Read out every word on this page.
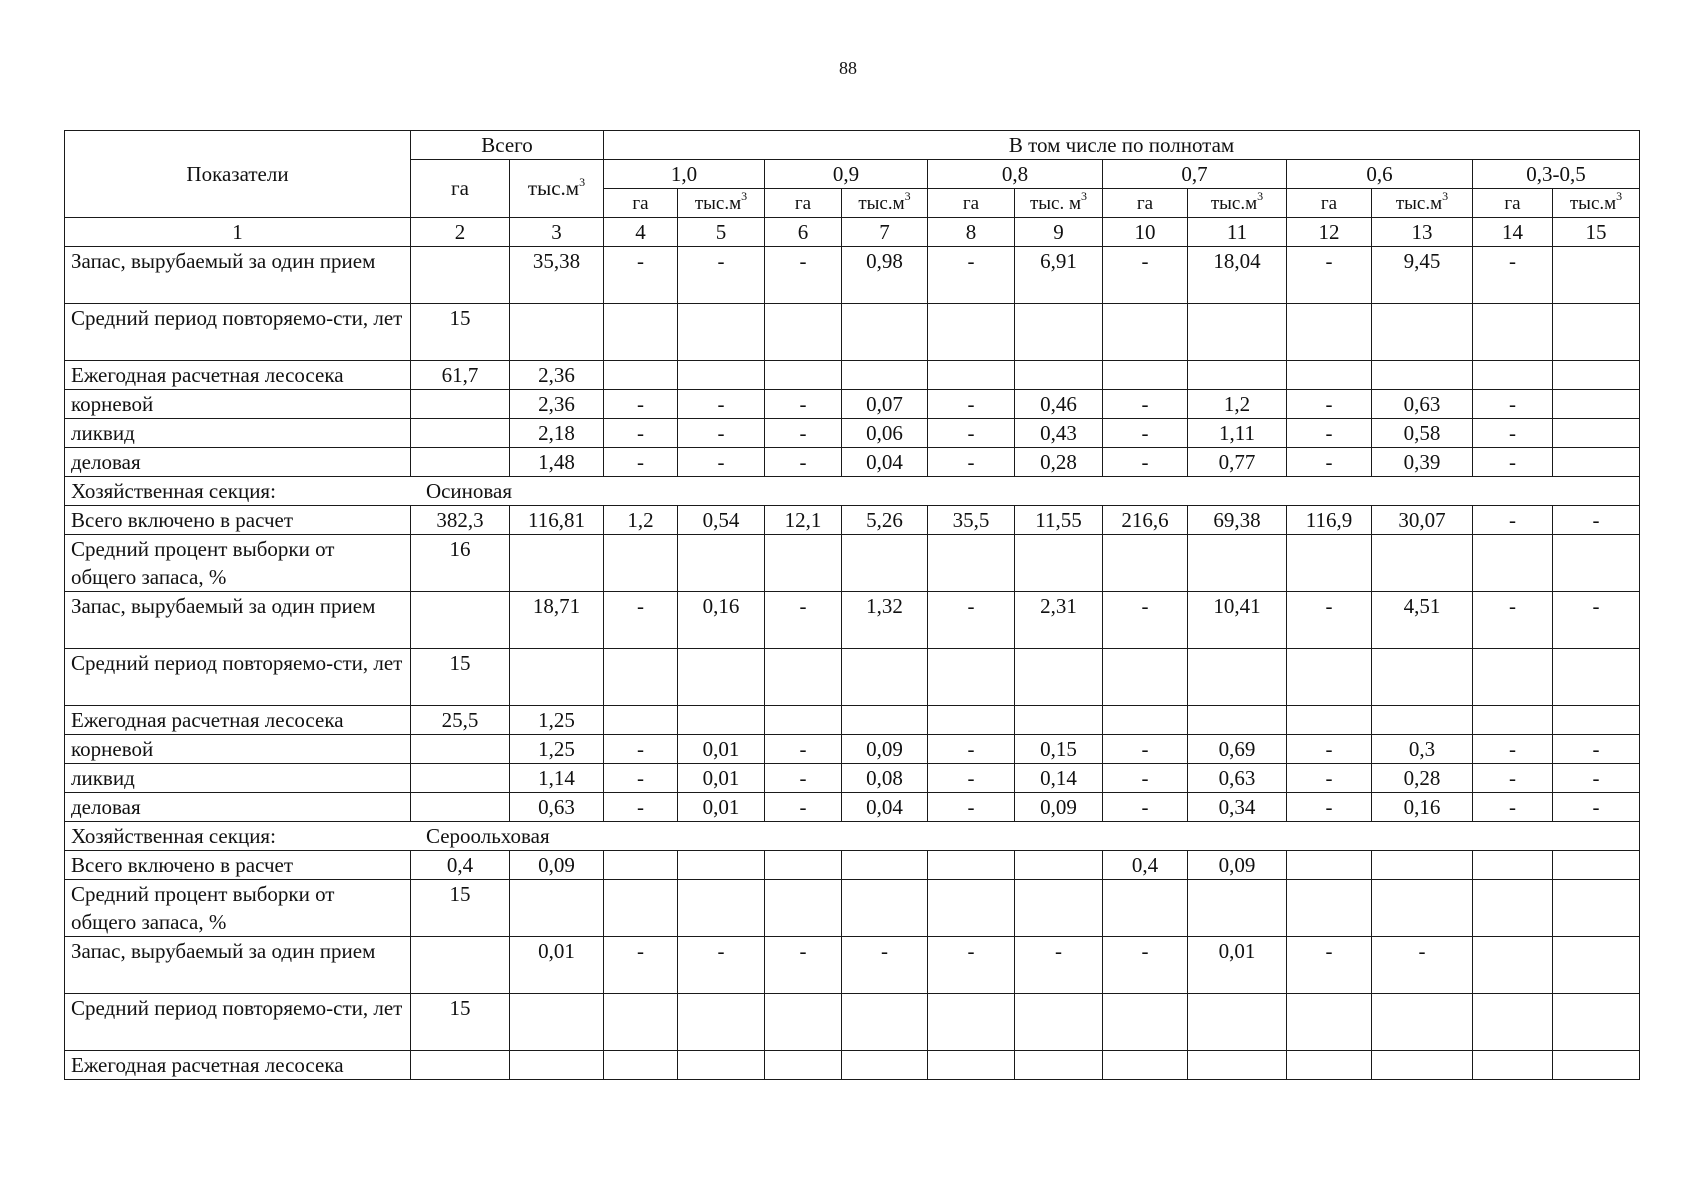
88
Показатели	Всего		В том числе по полнотам											
	га	$тыс.м^3$	1,0		0,9		0,8		0,7		0,6		0,3-0,5	
			га	$тыс.м^3$	га	$тыс.м^3$	га	тыс. $м^3$	га	$тыс.м^3$	га	$тыс.м^3$	га	$тыс.м^3$
1	2	3	4	5	6	7	8	9	10	11	12	13	14	15
Запас, вырубаемый за один прием		35,38	-	-	-	0,98	-	6,91	-	18,04	-	9,45	-	
Средний период повторяемо-сти, лет	15													
Ежегодная расчетная лесосека	61,7	2,36												
корневой		2,36	-	-	-	0,07	-	0,46	-	1,2	-	0,63	-	
ликвид		2,18	-	-	-	0,06	-	0,43	-	1,11	-	0,58	-	
деловая		1,48	-	-	-	0,04	-	0,28	-	0,77	-	0,39	-	
Хозяйственная секция: Осиновая														
Всего включено в расчет	382,3	116,81	1,2	0,54	12,1	5,26	35,5	11,55	216,6	69,38	116,9	30,07	-	-
Средний процент выборки от общего запаса, %	16													
Запас, вырубаемый за один прием		18,71	-	0,16	-	1,32	-	2,31	-	10,41	-	4,51	-	-
Средний период повторяемо-сти, лет	15													
Ежегодная расчетная лесосека	25,5	1,25												
корневой		1,25	-	0,01	-	0,09	-	0,15	-	0,69	-	0,3	-	-
ликвид		1,14	-	0,01	-	0,08	-	0,14	-	0,63	-	0,28	-	-
деловая		0,63	-	0,01	-	0,04	-	0,09	-	0,34	-	0,16	-	-
Хозяйственная секция: Сероольховая														
Всего включено в расчет	0,4	0,09							0,4	0,09				
Средний процент выборки от общего запаса, %	15													
Запас, вырубаемый за один прием		0,01	-	-	-	-	-	-	-	0,01	-	-		
Средний период повторяемо-сти, лет	15													
Ежегодная расчетная лесосека														
